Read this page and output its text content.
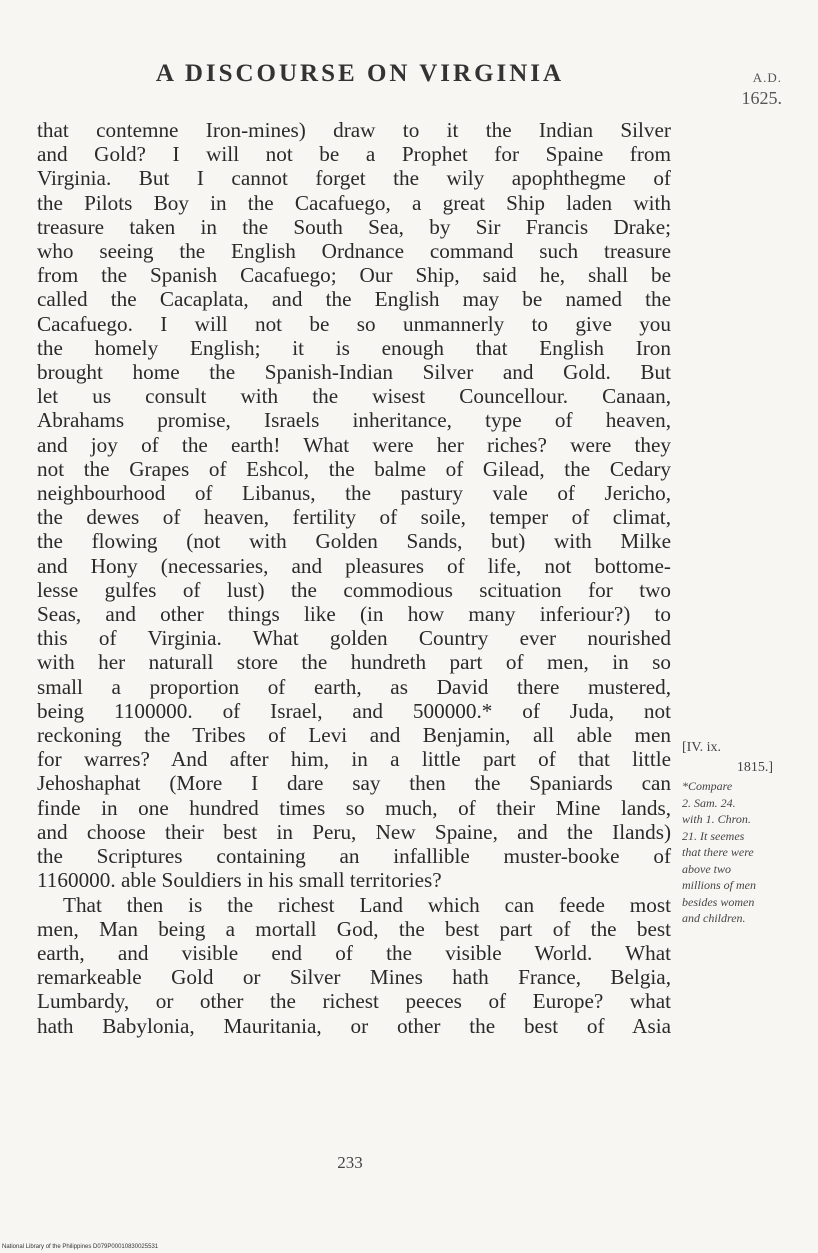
A DISCOURSE ON VIRGINIA	A.D.
1625.
that contemne Iron-mines) draw to it the Indian Silver
and Gold? I will not be a Prophet for Spaine from
Virginia. But I cannot forget the wily apophthegme of
the Pilots Boy in the Cacafuego, a great Ship laden with
treasure taken in the South Sea, by Sir Francis Drake;
who seeing the English Ordnance command such treasure
from the Spanish Cacafuego; Our Ship, said he, shall be
called the Cacaplata, and the English may be named the
Cacafuego. I will not be so unmannerly to give you
the homely English; it is enough that English Iron
brought home the Spanish-Indian Silver and Gold. But
let us consult with the wisest Councellour. Canaan,
Abrahams promise, Israels inheritance, type of heaven,
and joy of the earth! What were her riches? were they
not the Grapes of Eshcol, the balme of Gilead, the Cedary
neighbourhood of Libanus, the pastury vale of Jericho,
the dewes of heaven, fertility of soile, temper of climat,
the flowing (not with Golden Sands, but) with Milke
and Hony (necessaries, and pleasures of life, not bottome-
lesse gulfes of lust) the commodious scituation for two
Seas, and other things like (in how many inferiour?) to
this of Virginia. What golden Country ever nourished
with her naturall store the hundreth part of men, in so
small a proportion of earth, as David there mustered,
being 1100000. of Israel, and 500000.* of Juda, not
reckoning the Tribes of Levi and Benjamin, all able men
for warres? And after him, in a little part of that little
Jehoshaphat (More I dare say then the Spaniards can
finde in one hundred times so much, of their Mine lands,
and choose their best in Peru, New Spaine, and the Ilands)
the Scriptures containing an infallible muster-booke of
1160000. able Souldiers in his small territories?
That then is the richest Land which can feede most
men, Man being a mortall God, the best part of the best
earth, and visible end of the visible World. What
remarkeable Gold or Silver Mines hath France, Belgia,
Lumbardy, or other the richest peeces of Europe? what
hath Babylonia, Mauritania, or other the best of Asia
[IV. ix.
1815.]
*Compare
2. Sam. 24.
with 1. Chron.
21. It seemes
that there were
above two
millions of men
besides women
and children.
233
National Library of the Philippines D079P00010830025531
